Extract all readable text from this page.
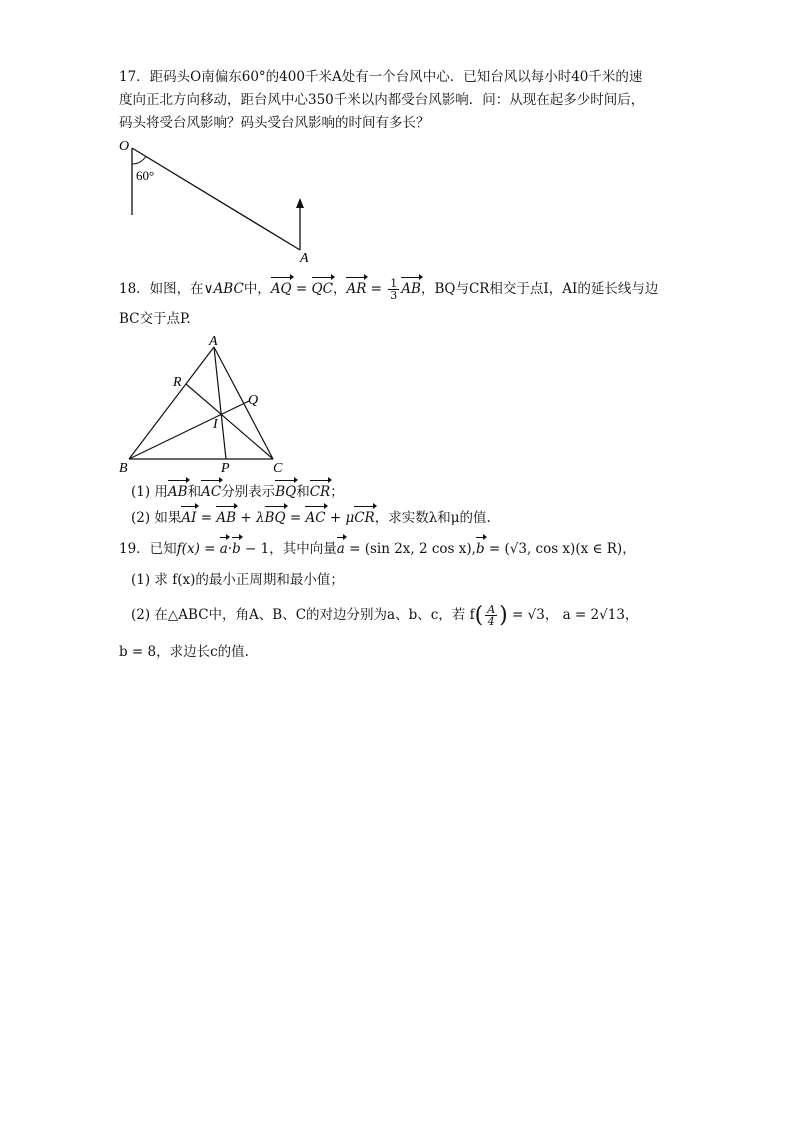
17．距码头O南偏东60°的400千米A处有一个台风中心．已知台风以每小时40千米的速
度向正北方向移动，距台风中心350千米以内都受台风影响．问：从现在起多少时间后，
码头将受台风影响？码头受台风影响的时间有多长？
O
A
60°
18．如图，在∨ABC中，AQ = QC，AR = $\frac{1}{3}$ AB，BQ与CR相交于点I，AI的延长线与边
BC交于点P.
A
B	C
R
Q
I
P
(1) 用AB和AC分别表示BQ和CR；
(2) 如果AI = AB + λBQ = AC + μCR，求实数λ和μ的值.
19．已知f(x) = a·b − 1，其中向量a = (sin 2x, 2 cos x),b = (√3, cos x)(x ∈ R)，
(1) 求 f(x)的最小正周期和最小值；
(2) 在△ABC中，角A、B、C的对边分别为a、b、c，若 $f( \frac{A}{4}$ ) = √3， a = 2√13，
b = 8，求边长c的值.
